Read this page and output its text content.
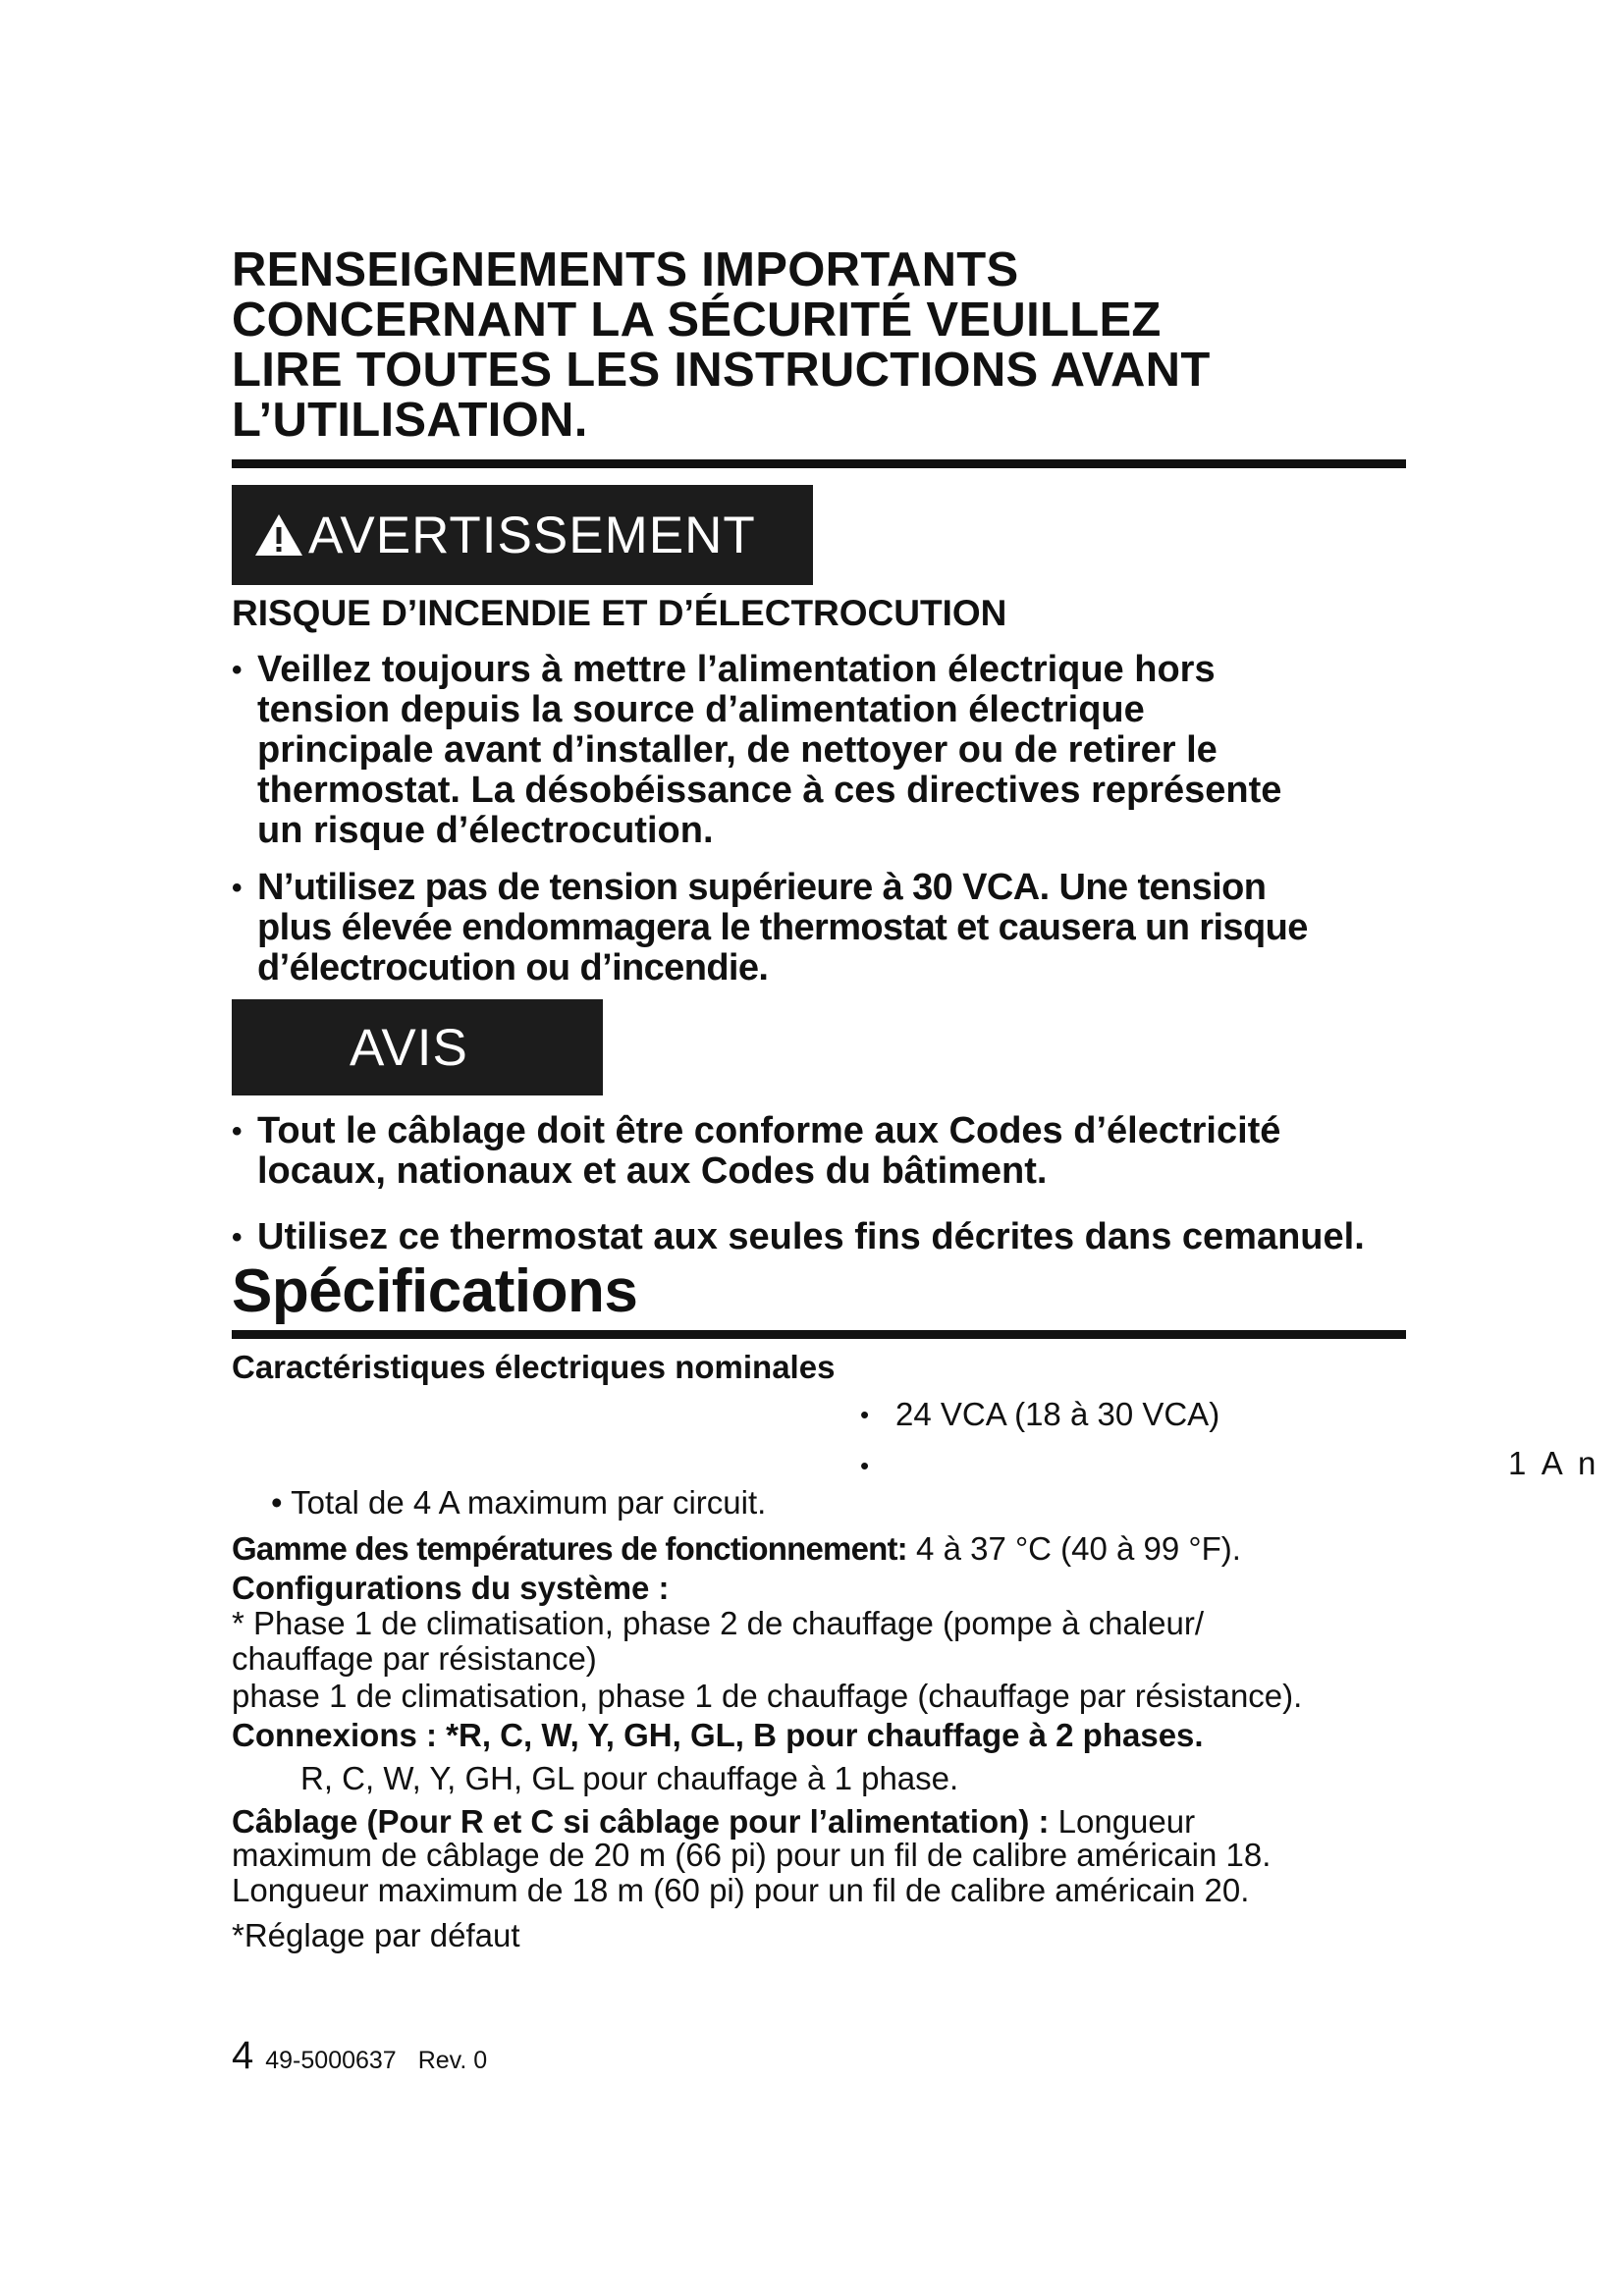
RENSEIGNEMENTS IMPORTANTS
CONCERNANT LA SÉCURITÉ VEUILLEZ
LIRE TOUTES LES INSTRUCTIONS AVANT
L’UTILISATION.
AVERTISSEMENT
RISQUE D’INCENDIE ET D’ÉLECTROCUTION
• Veillez toujours à mettre l’alimentation électrique hors
tension depuis la source d’alimentation électrique
principale avant d’installer, de nettoyer ou de retirer le
thermostat. La désobéissance à ces directives représente
un risque d’électrocution.
• N’utilisez pas de tension supérieure à 30 VCA. Une tension
plus élevée endommagera le thermostat et causera un risque
d’électrocution ou d’incendie.
AVIS
• Tout le câblage doit être conforme aux Codes d’électricité
locaux, nationaux et aux Codes du bâtiment.
• Utilisez ce thermostat aux seules fins décrites dans cemanuel.
Spécifications
Caractéristiques électriques nominales
• 24 VCA (18 à 30 VCA)
•	1 A n
• Total de 4 A maximum par circuit.
Gamme des températures de fonctionnement: 4 à 37 °C (40 à 99 °F).
Configurations du système :
* Phase 1 de climatisation, phase 2 de chauffage (pompe à chaleur/
chauffage par résistance)
phase 1 de climatisation, phase 1 de chauffage (chauffage par résistance).
Connexions : *R, C, W, Y, GH, GL, B pour chauffage à 2 phases.
R, C, W, Y, GH, GL pour chauffage à 1 phase.
Câblage (Pour R et C si câblage pour l’alimentation) : Longueur
maximum de câblage de 20 m (66 pi) pour un fil de calibre américain 18.
Longueur maximum de 18 m (60 pi) pour un fil de calibre américain 20.
*Réglage par défaut
4 49-5000637 Rev. 0
